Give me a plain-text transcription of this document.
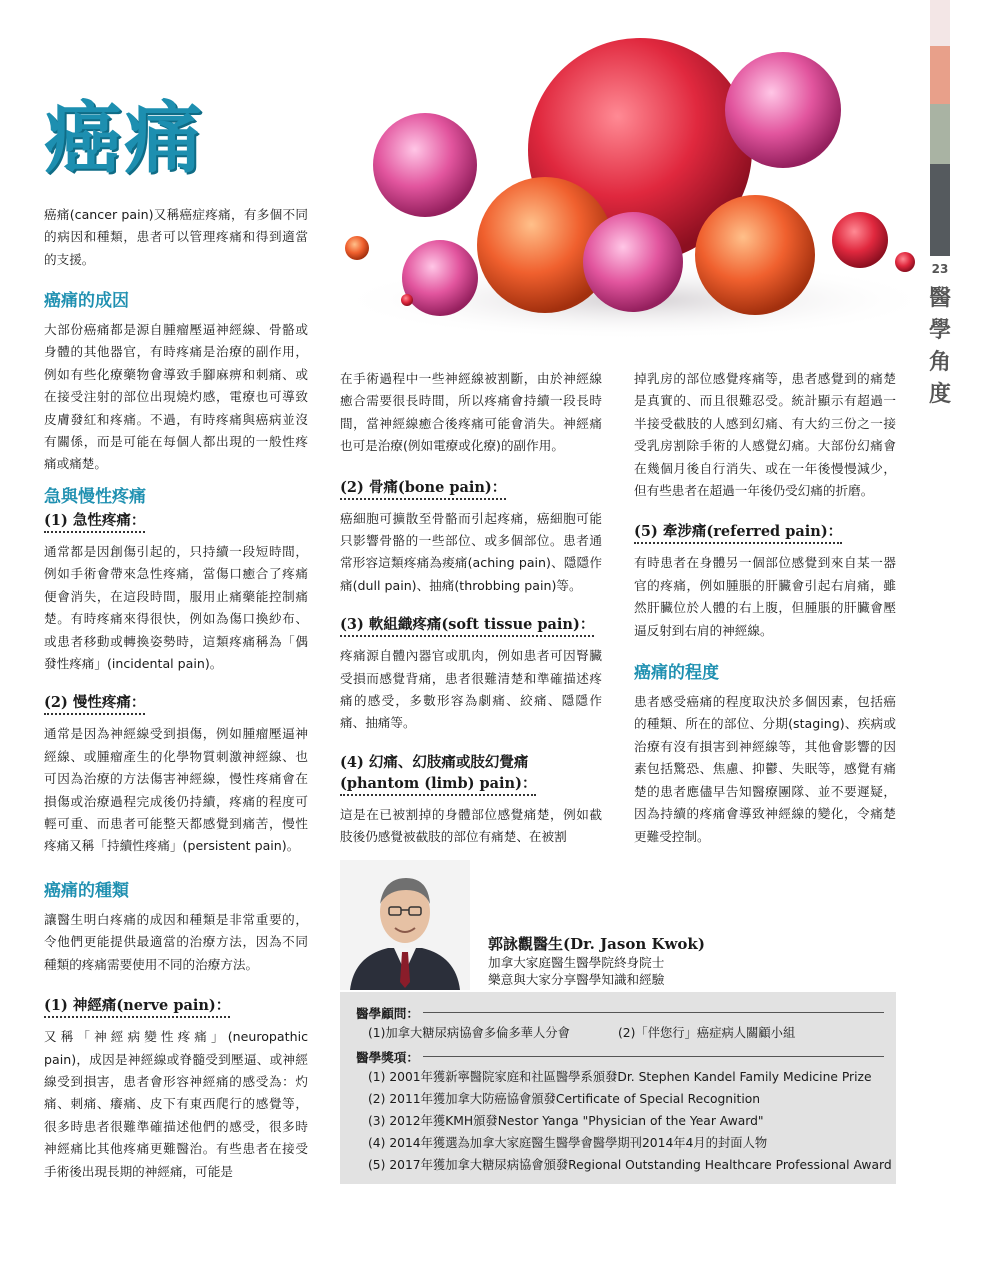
23
醫
學
角
度
癌痛
癌痛(cancer pain)又稱癌症疼痛，有多個不同的病因和種類，患者可以管理疼痛和得到適當的支援。
癌痛的成因

大部份癌痛都是源自腫瘤壓逼神經線、骨骼或身體的其他器官，有時疼痛是治療的副作用，例如有些化療藥物會導致手腳麻痹和刺痛、或在接受注射的部位出現燒灼感，電療也可導致皮膚發紅和疼痛。不過，有時疼痛與癌病並沒有關係，而是可能在每個人都出現的一般性疼痛或痛楚。

急與慢性疼痛
(1) 急性疼痛：

通常都是因創傷引起的，只持續一段短時間，例如手術會帶來急性疼痛，當傷口癒合了疼痛便會消失，在這段時間，服用止痛藥能控制痛楚。有時疼痛來得很快，例如為傷口換紗布、或患者移動或轉換姿勢時，這類疼痛稱為「偶發性疼痛」(incidental pain)。

(2) 慢性疼痛：

通常是因為神經線受到損傷，例如腫瘤壓逼神經線、或腫瘤產生的化學物質刺激神經線、也可因為治療的方法傷害神經線，慢性疼痛會在損傷或治療過程完成後仍持續，疼痛的程度可輕可重、而患者可能整天都感覺到痛苦，慢性疼痛又稱「持續性疼痛」(persistent pain)。

癌痛的種類

讓醫生明白疼痛的成因和種類是非常重要的，令他們更能提供最適當的治療方法，因為不同種類的疼痛需要使用不同的治療方法。

(1) 神經痛(nerve pain)：

又稱「神經病變性疼痛」(neuropathic pain)，成因是神經線或脊髓受到壓逼、或神經線受到損害，患者會形容神經痛的感受為：灼痛、刺痛、癢痛、皮下有東西爬行的感覺等，很多時患者很難準確描述他們的感受，很多時神經痛比其他疼痛更難醫治。有些患者在接受手術後出現長期的神經痛，可能是

在手術過程中一些神經線被割斷，由於神經線癒合需要很長時間，所以疼痛會持續一段長時間，當神經線癒合後疼痛可能會消失。神經痛也可是治療(例如電療或化療)的副作用。

(2) 骨痛(bone pain)：

癌細胞可擴散至骨骼而引起疼痛，癌細胞可能只影響骨骼的一些部位、或多個部位。患者通常形容這類疼痛為痠痛(aching pain)、隱隱作痛(dull pain)、抽痛(throbbing pain)等。

(3) 軟組織疼痛(soft tissue pain)：

疼痛源自體內器官或肌肉，例如患者可因腎臟受損而感覺背痛，患者很難清楚和準確描述疼痛的感受，多數形容為劇痛、絞痛、隱隱作痛、抽痛等。

(4) 幻痛、幻肢痛或肢幻覺痛
(phantom (limb) pain)：

這是在已被割掉的身體部位感覺痛楚，例如截肢後仍感覺被截肢的部位有痛楚、在被割

掉乳房的部位感覺疼痛等，患者感覺到的痛楚是真實的、而且很難忍受。統計顯示有超過一半接受截肢的人感到幻痛、有大約三份之一接受乳房割除手術的人感覺幻痛。大部份幻痛會在幾個月後自行消失、或在一年後慢慢減少，但有些患者在超過一年後仍受幻痛的折磨。

(5) 牽涉痛(referred pain)：

有時患者在身體另一個部位感覺到來自某一器官的疼痛，例如腫脹的肝臟會引起右肩痛，雖然肝臟位於人體的右上腹，但腫脹的肝臟會壓逼反射到右肩的神經線。

癌痛的程度

患者感受癌痛的程度取決於多個因素，包括癌的種類、所在的部位、分期(staging)、疾病或治療有沒有損害到神經線等，其他會影響的因素包括驚恐、焦慮、抑鬱、失眠等，感覺有痛楚的患者應儘早告知醫療團隊、並不要遲疑，因為持續的疼痛會導致神經線的變化，令痛楚更難受控制。

郭詠觀醫生(Dr. Jason Kwok)
加拿大家庭醫生醫學院終身院士
樂意與大家分享醫學知識和經驗
醫學顧問：
(1)加拿大糖尿病協會多倫多華人分會	(2)「伴您行」癌症病人關顧小組
醫學獎項：
(1) 2001年獲新寧醫院家庭和社區醫學系頒發Dr. Stephen Kandel Family Medicine Prize
(2) 2011年獲加拿大防癌協會頒發Certificate of Special Recognition
(3) 2012年獲KMH頒發Nestor Yanga "Physician of the Year Award"
(4) 2014年獲選為加拿大家庭醫生醫學會醫學期刊2014年4月的封面人物
(5) 2017年獲加拿大糖尿病協會頒發Regional Outstanding Healthcare Professional Award
